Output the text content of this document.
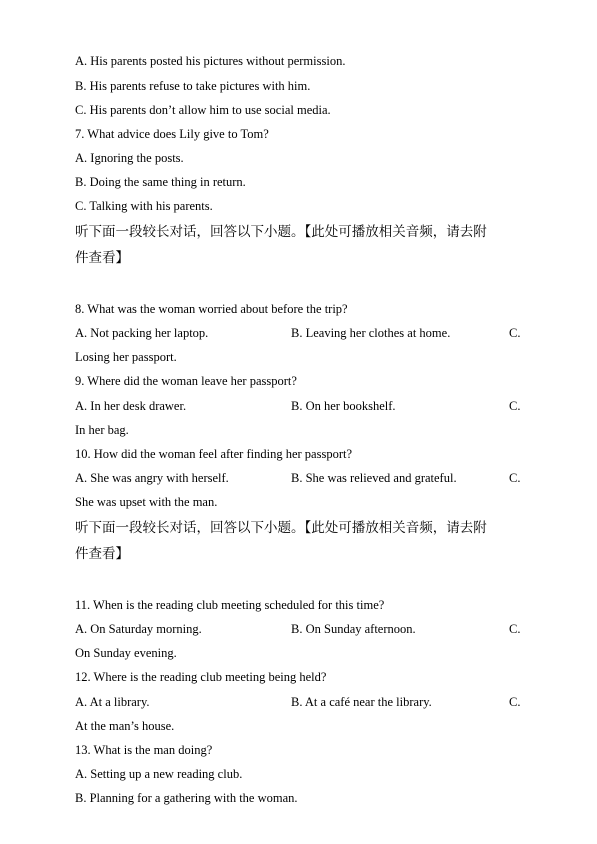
A. His parents posted his pictures without permission.
B. His parents refuse to take pictures with him.
C. His parents don’t allow him to use social media.
7. What advice does Lily give to Tom?
A. Ignoring the posts.
B. Doing the same thing in return.
C. Talking with his parents.
听下面一段较长对话，回答以下小题。【此处可播放相关音频，请去附
件查看】
8. What was the woman worried about before the trip?
A. Not packing her laptop.	B. Leaving her clothes at home.	C.
Losing her passport.
9. Where did the woman leave her passport?
A. In her desk drawer.	B. On her bookshelf.	C.
In her bag.
10. How did the woman feel after finding her passport?
A. She was angry with herself.	B. She was relieved and grateful.	C.
She was upset with the man.
听下面一段较长对话，回答以下小题。【此处可播放相关音频，请去附
件查看】
11. When is the reading club meeting scheduled for this time?
A. On Saturday morning.	B. On Sunday afternoon.	C.
On Sunday evening.
12. Where is the reading club meeting being held?
A. At a library.	B. At a café near the library.	C.
At the man’s house.
13. What is the man doing?
A. Setting up a new reading club.
B. Planning for a gathering with the woman.
